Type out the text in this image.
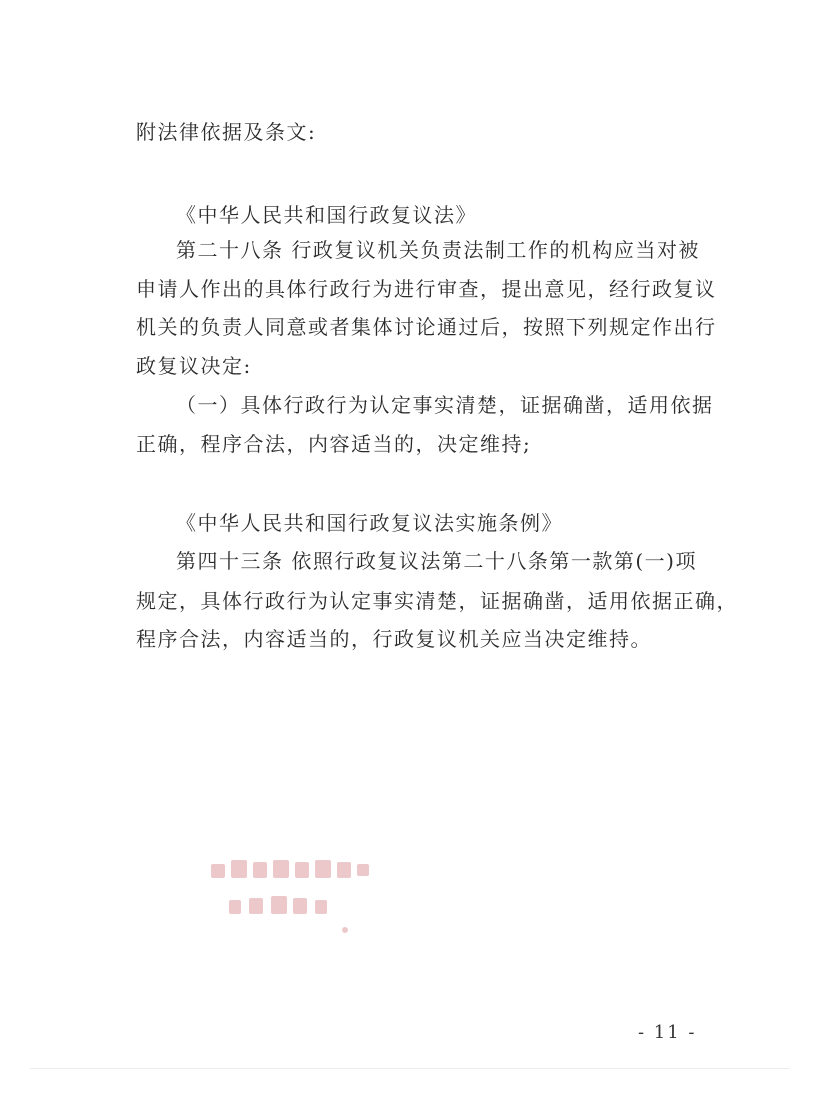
附法律依据及条文:
《中华人民共和国行政复议法》
第二十八条 行政复议机关负责法制工作的机构应当对被
申请人作出的具体行政行为进行审查，提出意见，经行政复议
机关的负责人同意或者集体讨论通过后，按照下列规定作出行
政复议决定:
（一）具体行政行为认定事实清楚，证据确凿，适用依据
正确，程序合法，内容适当的，决定维持;
《中华人民共和国行政复议法实施条例》
第四十三条 依照行政复议法第二十八条第一款第(一)项
规定，具体行政行为认定事实清楚，证据确凿，适用依据正确，
程序合法，内容适当的，行政复议机关应当决定维持。
- 11 -
